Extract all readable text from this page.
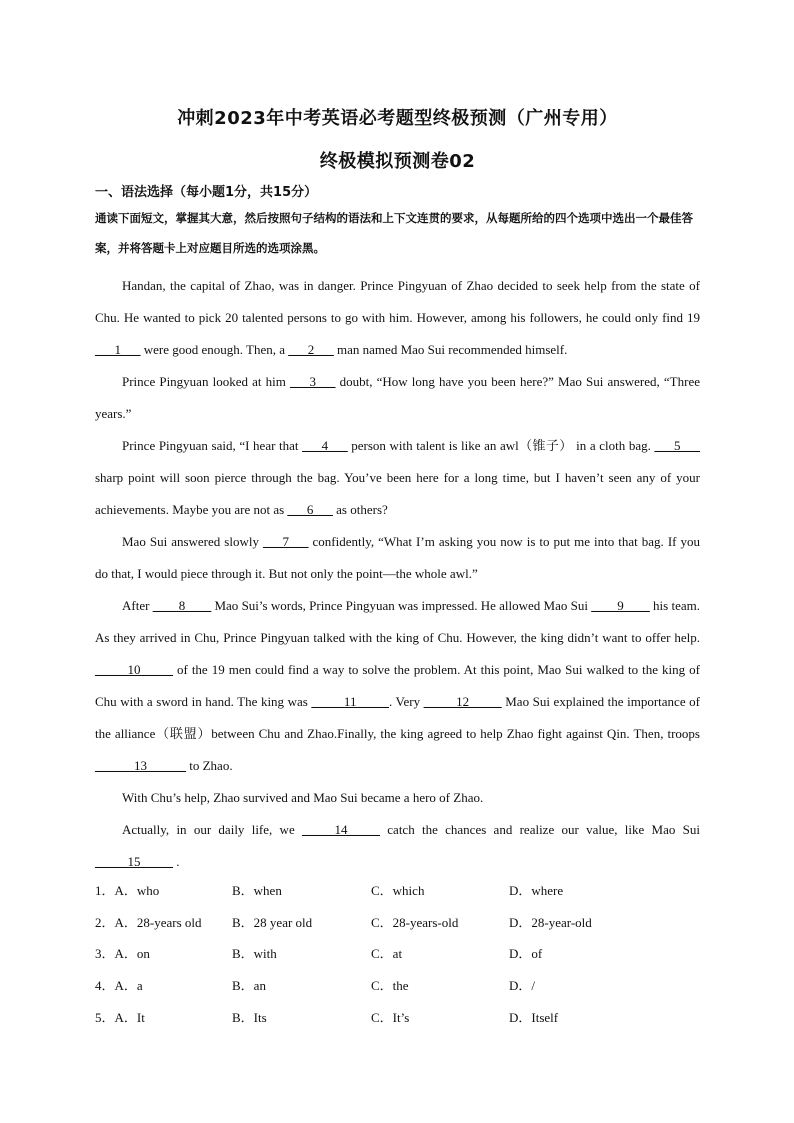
冲刺2023年中考英语必考题型终极预测（广州专用）
终极模拟预测卷02
一、语法选择（每小题1分，共15分）
通读下面短文，掌握其大意，然后按照句子结构的语法和上下文连贯的要求，从每题所给的四个选项中选出一个最佳答案，并将答题卡上对应题目所选的选项涂黑。

Handan, the capital of Zhao, was in danger. Prince Pingyuan of Zhao decided to seek help from the state of Chu. He wanted to pick 20 talented persons to go with him. However, among his followers, he could only find 19 ___1___ were good enough. Then, a ___2___ man named Mao Sui recommended himself.

Prince Pingyuan looked at him ___3___ doubt, “How long have you been here?” Mao Sui answered, “Three years.”

Prince Pingyuan said, “I hear that ___4___ person with talent is like an awl（锥子） in a cloth bag. ___5___ sharp point will soon pierce through the bag. You’ve been here for a long time, but I haven’t seen any of your achievements. Maybe you are not as ___6___ as others?

Mao Sui answered slowly ___7___ confidently, “What I’m asking you now is to put me into that bag. If you do that, I would piece through it. But not only the point—the whole awl.”

After ____8____ Mao Sui’s words, Prince Pingyuan was impressed. He allowed Mao Sui ____9____ his team. As they arrived in Chu, Prince Pingyuan talked with the king of Chu. However, the king didn’t want to offer help. _____10_____ of the 19 men could find a way to solve the problem. At this point, Mao Sui walked to the king of Chu with a sword in hand. The king was _____11_____. Very _____12_____ Mao Sui explained the importance of the alliance（联盟）between Chu and Zhao.Finally, the king agreed to help Zhao fight against Qin. Then, troops ______13______ to Zhao.

With Chu’s help, Zhao survived and Mao Sui became a hero of Zhao.

Actually, in our daily life, we _____14_____ catch the chances and realize our value, like Mao Sui _____15_____ .

1．A．who	B．when	C．which	D．where
2．A．28-years old B．28 year old	C．28-years-old	D．28-year-old
3．A．on	B．with	C．at	D．of
4．A．a	B．an	C．the	D．/
5．A．It	B．Its	C．It’s	D．Itself
